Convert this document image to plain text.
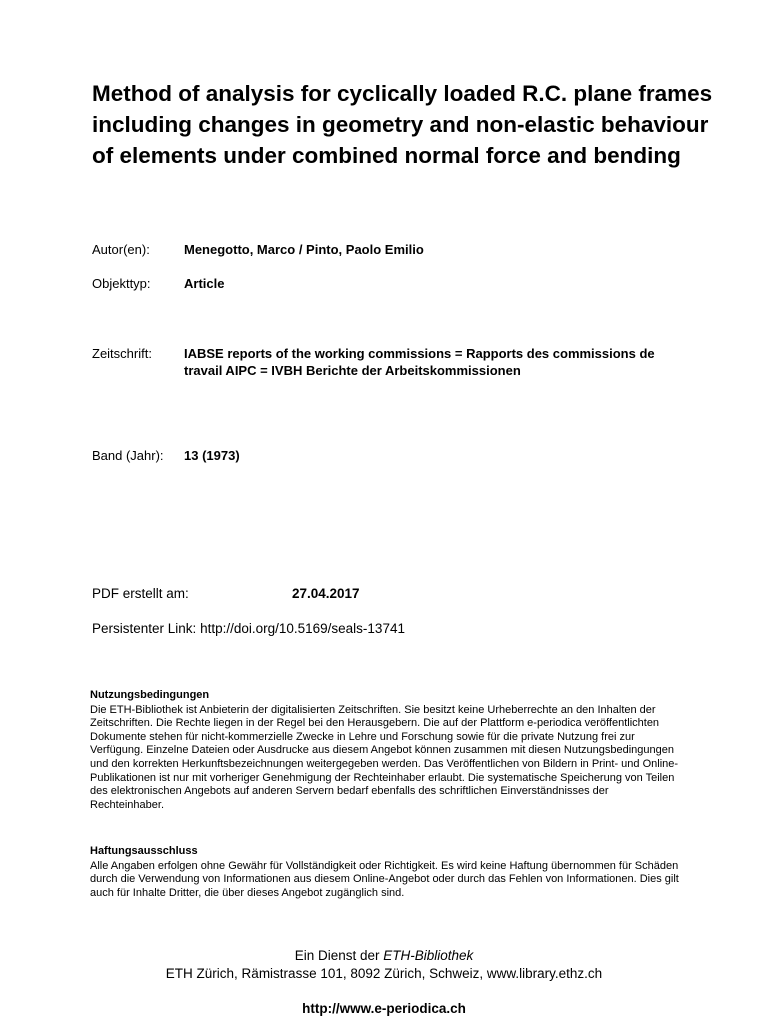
Method of analysis for cyclically loaded R.C. plane frames including changes in geometry and non-elastic behaviour of elements under combined normal force and bending
Autor(en):	Menegotto, Marco / Pinto, Paolo Emilio
Objekttyp:	Article
Zeitschrift: IABSE reports of the working commissions = Rapports des commissions de travail AIPC = IVBH Berichte der Arbeitskommissionen
Band (Jahr): 13 (1973)
PDF erstellt am:	27.04.2017
Persistenter Link: http://doi.org/10.5169/seals-13741
Nutzungsbedingungen

Die ETH-Bibliothek ist Anbieterin der digitalisierten Zeitschriften. Sie besitzt keine Urheberrechte an den Inhalten der Zeitschriften. Die Rechte liegen in der Regel bei den Herausgebern. Die auf der Plattform e-periodica veröffentlichten Dokumente stehen für nicht-kommerzielle Zwecke in Lehre und Forschung sowie für die private Nutzung frei zur Verfügung. Einzelne Dateien oder Ausdrucke aus diesem Angebot können zusammen mit diesen Nutzungsbedingungen und den korrekten Herkunftsbezeichnungen weitergegeben werden. Das Veröffentlichen von Bildern in Print- und Online-Publikationen ist nur mit vorheriger Genehmigung der Rechteinhaber erlaubt. Die systematische Speicherung von Teilen des elektronischen Angebots auf anderen Servern bedarf ebenfalls des schriftlichen Einverständnisses der Rechteinhaber.

Haftungsausschluss

Alle Angaben erfolgen ohne Gewähr für Vollständigkeit oder Richtigkeit. Es wird keine Haftung übernommen für Schäden durch die Verwendung von Informationen aus diesem Online-Angebot oder durch das Fehlen von Informationen. Dies gilt auch für Inhalte Dritter, die über dieses Angebot zugänglich sind.

Ein Dienst der ETH-Bibliothek
ETH Zürich, Rämistrasse 101, 8092 Zürich, Schweiz, www.library.ethz.ch
http://www.e-periodica.ch
